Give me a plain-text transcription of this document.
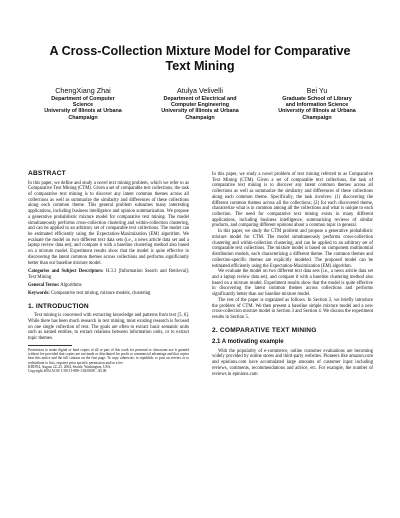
A Cross-Collection Mixture Model for Comparative Text Mining
ChengXiang Zhai
Department of Computer
Science
University of Illinois at Urbana
Champaign
Atulya Velivelli
Department of Electrical and
Computer Engineering
University of Illinois at Urbana
Champaign
Bei Yu
Graduate School of Library
and Information Science
University of Illinois at Urbana
Champaign
ABSTRACT

In this paper, we define and study a novel text mining problem, which we refer to as Comparative Text Mining (CTM). Given a set of comparable text collections, the task of comparative text mining is to discover any latent common themes across all collections as well as summarize the similarity and differences of these collections along each common theme. This general problem subsumes many interesting applications, including business intelligence and opinion summarization. We propose a generative probabilistic mixture model for comparative text mining. The model simultaneously performs cross-collection clustering and within-collection clustering, and can be applied to an arbitrary set of comparable text collections. The model can be estimated efficiently using the Expectation-Maximization (EM) algorithm. We evaluate the model on two different text data sets (i.e., a news article data set and a laptop review data set), and compare it with a baseline clustering method also based on a mixture model. Experiment results show that the model is quite effective in discovering the latent common themes across collections and performs significantly better than our baseline mixture model.

Categories and Subject Descriptors: H.3.3 [Information Search and Retrieval]: Text Mining

General Terms: Algorithms

Keywords: Comparative text mining, mixture models, clustering

1. INTRODUCTION

Text mining is concerned with extracting knowledge and patterns from text [5, 6]. While there has been much research in text mining, most existing research is focused on one single collection of text. The goals are often to extract basic semantic units such as named entities, to extract relations between information units, or to extract topic themes.

Permission to make digital or hard copies of all or part of this work for personal or classroom use is granted without fee provided that copies are not made or distributed for profit or commercial advantage and that copies bear this notice and the full citation on the first page. To copy otherwise, to republish, to post on servers or to redistribute to lists, requires prior specific permission and/or a fee.

KDD'04, August 22–25, 2004, Seattle, Washington, USA.

Copyright 2004 ACM 1-58113-888-1/04/0008 ...$5.00.

In this paper, we study a novel problem of text mining referred to as Comparative Text Mining (CTM). Given a set of comparable text collections, the task of comparative text mining is to discover any latent common themes across all collections as well as summarize the similarity and differences of these collections along each common theme. Specifically, the task involves: (1) discovering the different common themes across all the collections; (2) for each discovered theme, characterize what is in common among all the collections and what is unique to each collection. The need for comparative text mining exists in many different applications, including business intelligence, summarizing reviews of similar products, and comparing different opinions about a common topic in general.

In this paper, we study the CTM problem and propose a generative probabilistic mixture model for CTM. The model simultaneously performs cross-collection clustering and within-collection clustering, and can be applied to an arbitrary set of comparable text collections. The mixture model is based on component multinomial distribution models, each characterizing a different theme. The common themes and collection-specific themes are explicitly modeled. The proposed model can be estimated efficiently using the Expectation-Maximization (EM) algorithm.

We evaluate the model on two different text data sets (i.e., a news article data set and a laptop review data set), and compare it with a baseline clustering method also based on a mixture model. Experiment results show that the model is quite effective in discovering the latent common themes across collections and performs significantly better than our baseline mixture model.

The rest of the paper is organized as follows. In Section 2, we briefly introduce the problem of CTM. We then present a baseline simple mixture model and a new cross-collection mixture model in Section 3 and Section 4. We discuss the experiment results in Section 5.

2. COMPARATIVE TEXT MINING
2.1 A motivating example

With the popularity of e-commerce, online customer evaluations are becoming widely provided by online stores and third-party websites. Pioneers like amazon.com and epinions.com have accumulated large amounts of customer input including reviews, comments, recommendations and advice, etc. For example, the number of reviews in epinions.com
